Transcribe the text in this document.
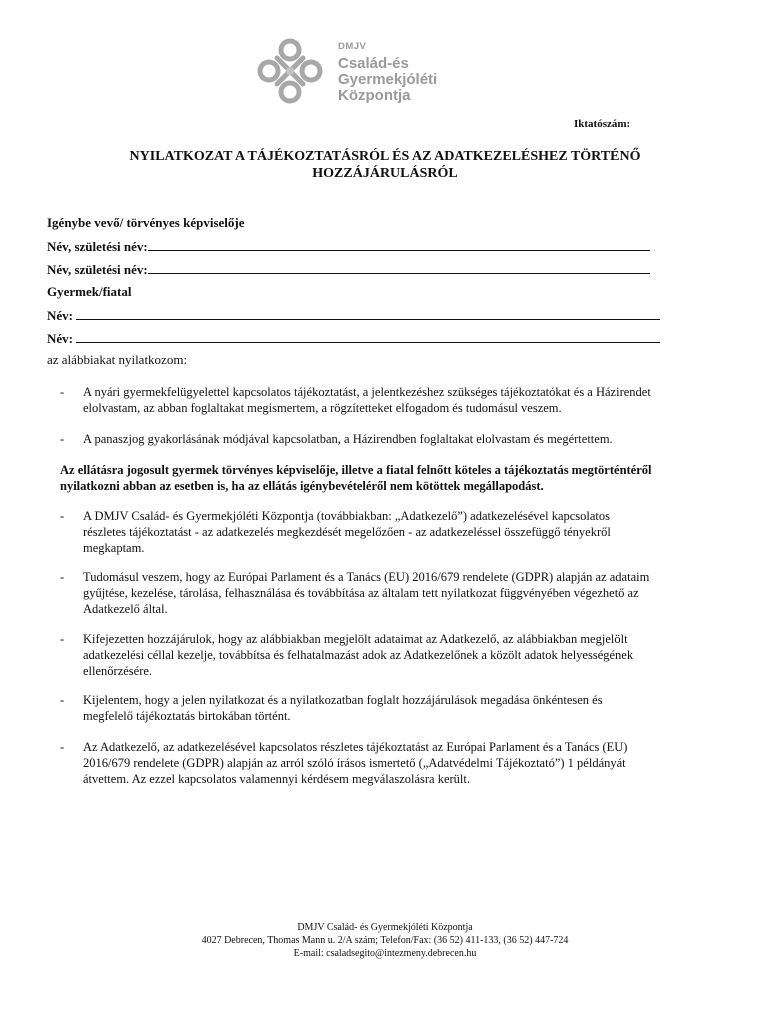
DMJV
Család-és
Gyermekjóléti
Központja
Iktatószám:
NYILATKOZAT A TÁJÉKOZTATÁSRÓL ÉS AZ ADATKEZELÉSHEZ TÖRTÉNŐ
HOZZÁJÁRULÁSRÓL
Igénybe vevő/ törvényes képviselője
Név, születési név:
Név, születési név:
Gyermek/fiatal
Név:
Név:
az alábbiakat nyilatkozom:
- A nyári gyermekfelügyelettel kapcsolatos tájékoztatást, a jelentkezéshez szükséges tájékoztatókat és a Házirendet
elolvastam, az abban foglaltakat megismertem, a rögzítetteket elfogadom és tudomásul veszem.
- A panaszjog gyakorlásának módjával kapcsolatban, a Házirendben foglaltakat elolvastam és megértettem.
Az ellátásra jogosult gyermek törvényes képviselője, illetve a fiatal felnőtt köteles a tájékoztatás megtörténtéről
nyilatkozni abban az esetben is, ha az ellátás igénybevételéről nem kötöttek megállapodást.
- A DMJV Család- és Gyermekjóléti Központja (továbbiakban: „Adatkezelő”) adatkezelésével kapcsolatos
részletes tájékoztatást - az adatkezelés megkezdését megelőzően - az adatkezeléssel összefüggő tényekről
megkaptam.
- Tudomásul veszem, hogy az Európai Parlament és a Tanács (EU) 2016/679 rendelete (GDPR) alapján az adataim
gyűjtése, kezelése, tárolása, felhasználása és továbbítása az általam tett nyilatkozat függvényében végezhető az
Adatkezelő által.
- Kifejezetten hozzájárulok, hogy az alábbiakban megjelölt adataimat az Adatkezelő, az alábbiakban megjelölt
adatkezelési céllal kezelje, továbbítsa és felhatalmazást adok az Adatkezelőnek a közölt adatok helyességének
ellenőrzésére.
- Kijelentem, hogy a jelen nyilatkozat és a nyilatkozatban foglalt hozzájárulások megadása önkéntesen és
megfelelő tájékoztatás birtokában történt.
- Az Adatkezelő, az adatkezelésével kapcsolatos részletes tájékoztatást az Európai Parlament és a Tanács (EU)
2016/679 rendelete (GDPR) alapján az arról szóló írásos ismertető („Adatvédelmi Tájékoztató”) 1 példányát
átvettem. Az ezzel kapcsolatos valamennyi kérdésem megválaszolásra került.
DMJV Család- és Gyermekjóléti Központja
4027 Debrecen, Thomas Mann u. 2/A szám; Telefon/Fax: (36 52) 411-133, (36 52) 447-724
E-mail: csaladsegito@intezmeny.debrecen.hu
